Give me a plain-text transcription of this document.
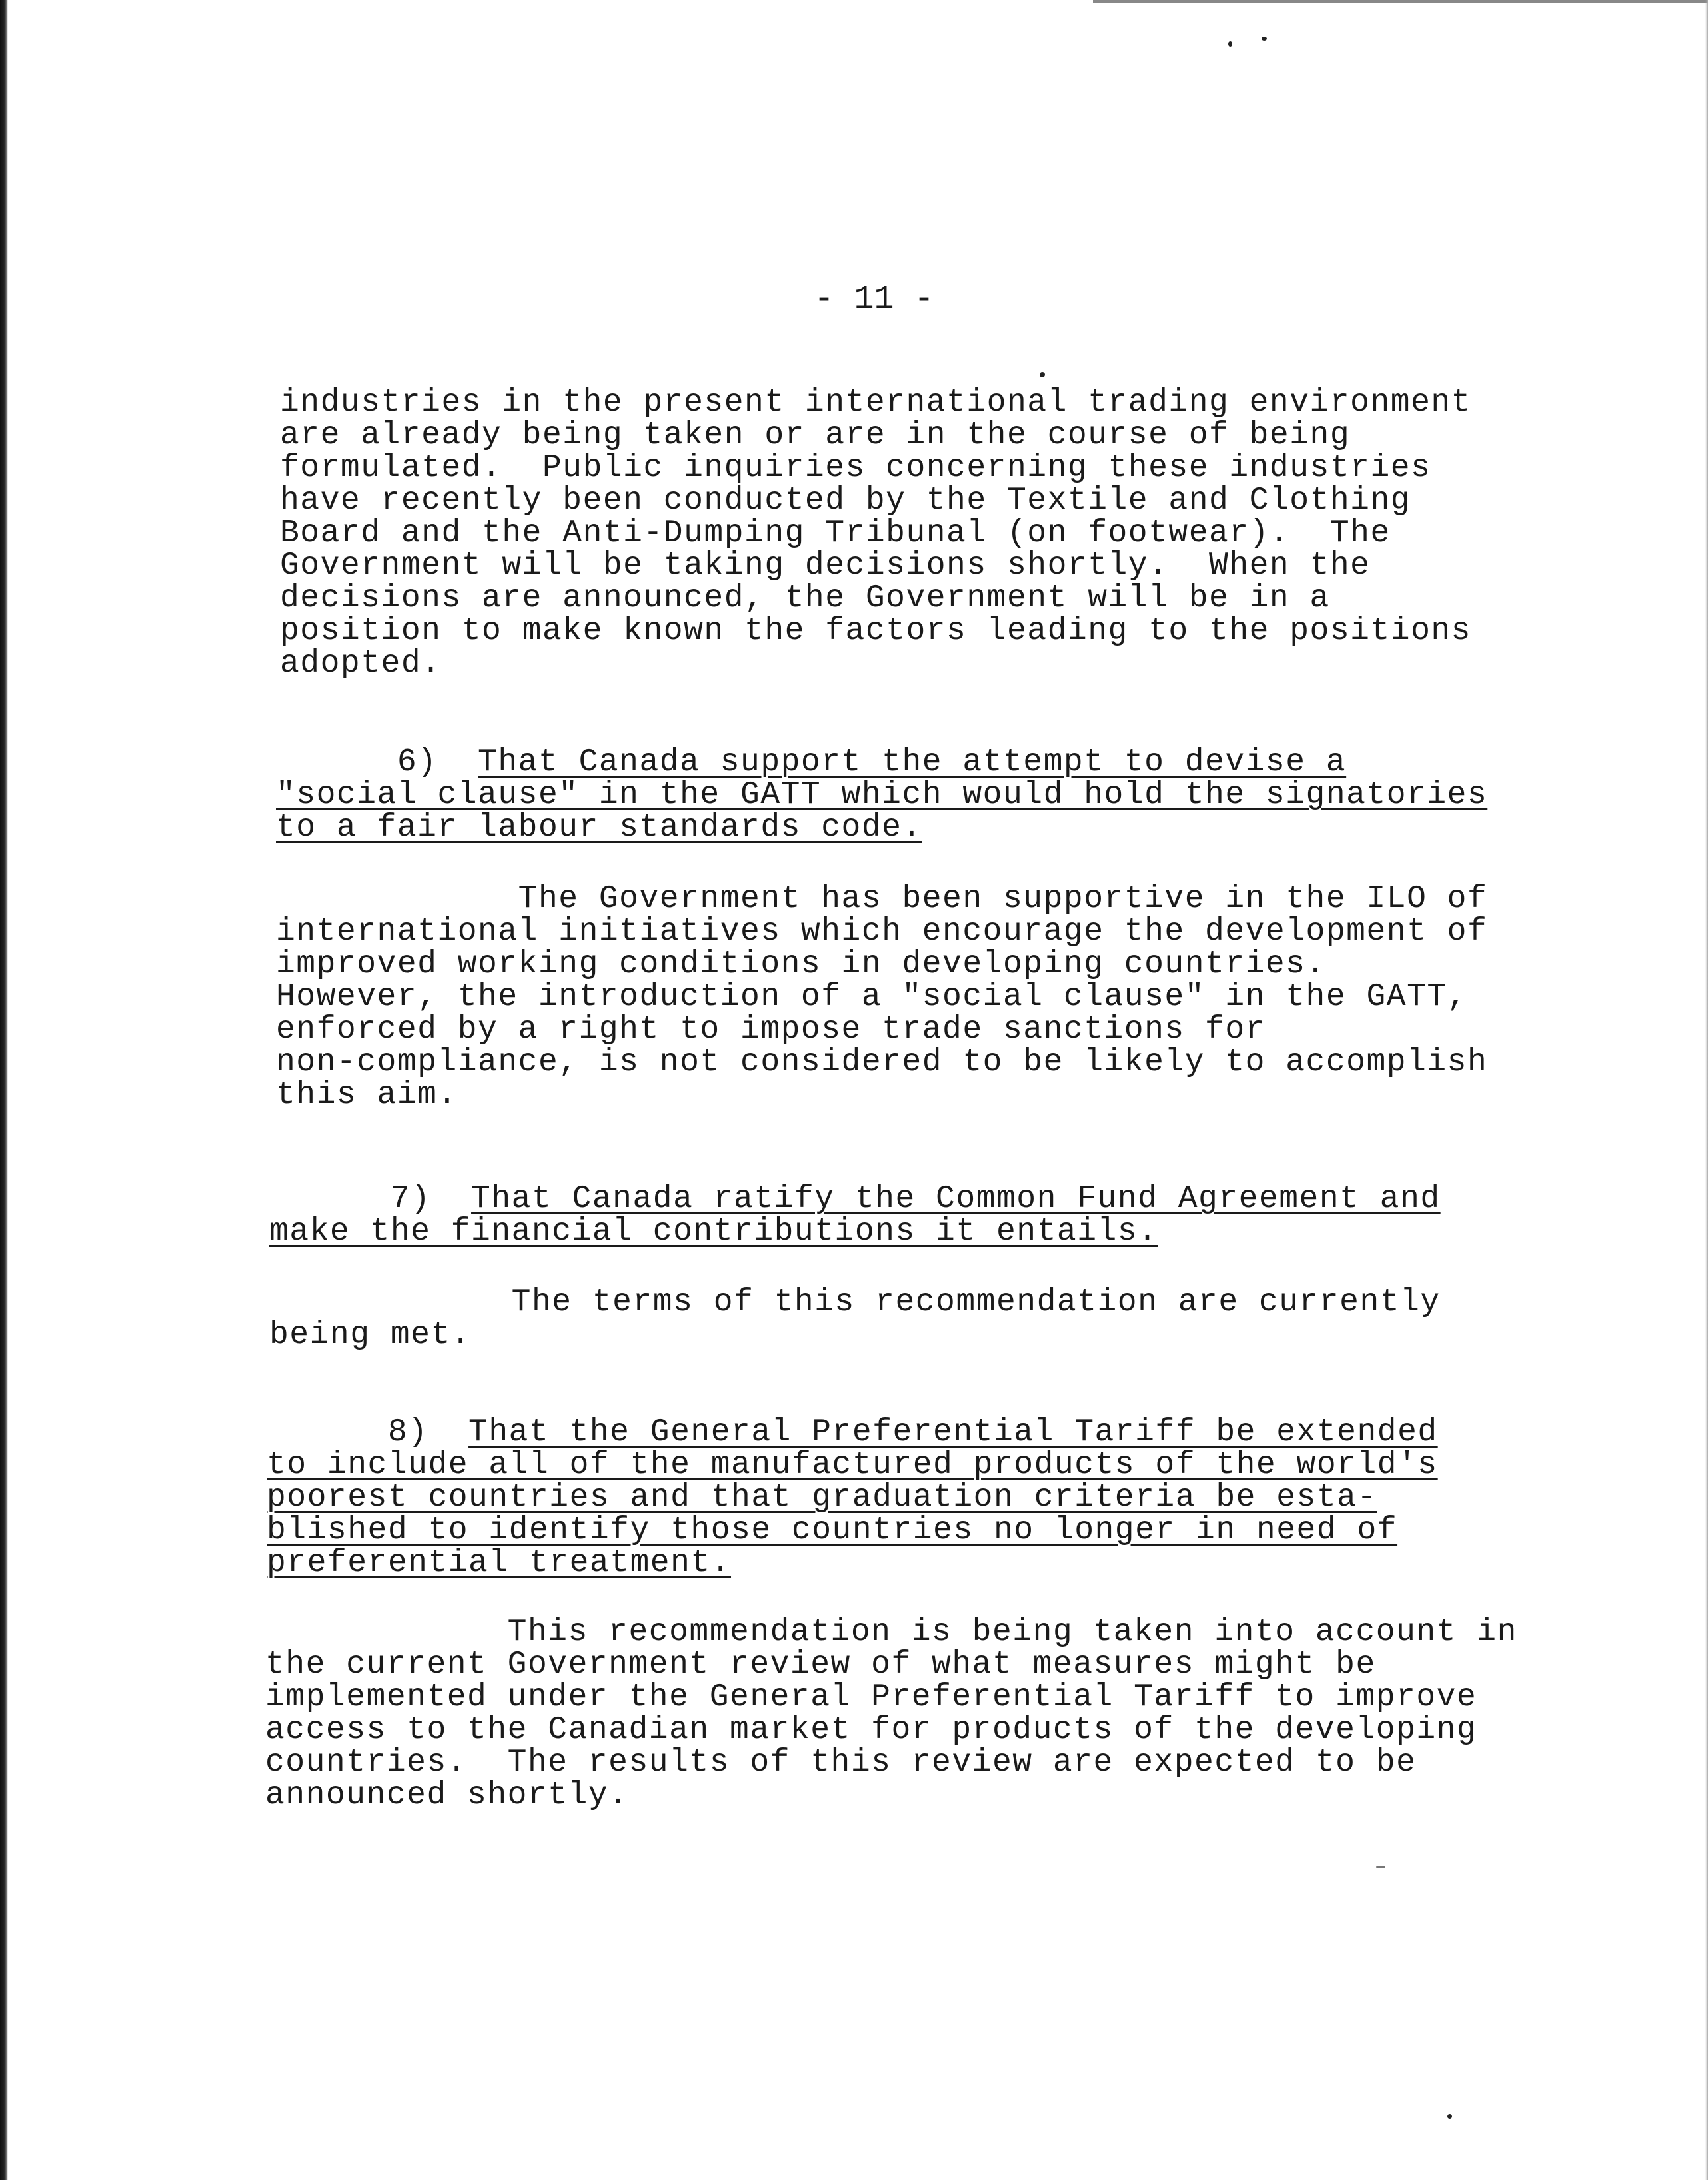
- 11 -

industries in the present international trading environment
are already being taken or are in the course of being
formulated.  Public inquiries concerning these industries
have recently been conducted by the Textile and Clothing
Board and the Anti-Dumping Tribunal (on footwear).  The
Government will be taking decisions shortly.  When the
decisions are announced, the Government will be in a
position to make known the factors leading to the positions
adopted.

6) That Canada support the attempt to devise a
"social clause" in the GATT which would hold the signatories
to a fair labour standards code.

The Government has been supportive in the ILO of
international initiatives which encourage the development of
improved working conditions in developing countries.
However, the introduction of a "social clause" in the GATT,
enforced by a right to impose trade sanctions for
non-compliance, is not considered to be likely to accomplish
this aim.

7) That Canada ratify the Common Fund Agreement and
make the financial contributions it entails.

The terms of this recommendation are currently
being met.

8) That the General Preferential Tariff be extended
to include all of the manufactured products of the world's
poorest countries and that graduation criteria be esta-
blished to identify those countries no longer in need of
preferential treatment.

This recommendation is being taken into account in
the current Government review of what measures might be
implemented under the General Preferential Tariff to improve
access to the Canadian market for products of the developing
countries.  The results of this review are expected to be
announced shortly.
